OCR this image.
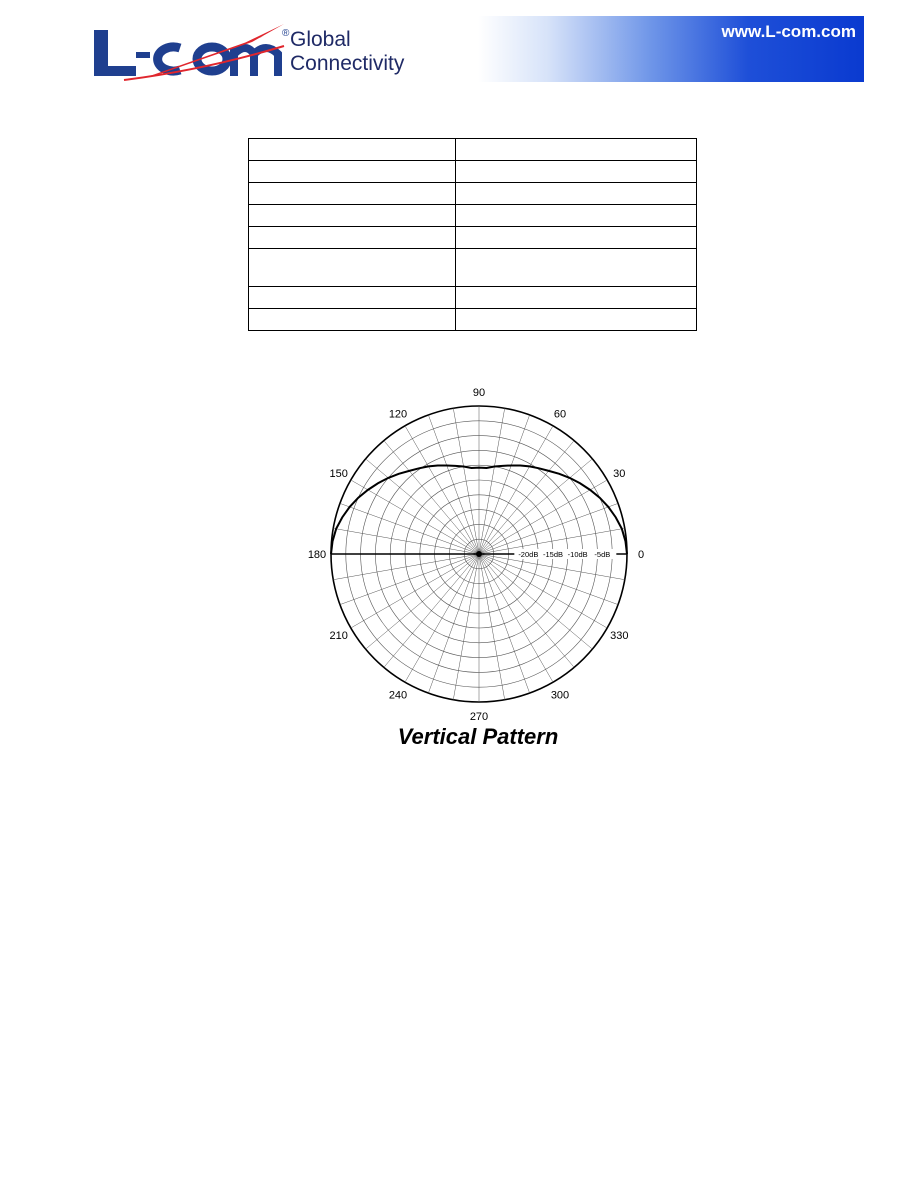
® Global
Connectivity
www.L-com.com

0
30
60
90
120
150
180
210
240
270
300
330
-20dB -15dB -10dB -5dB
Vertical Pattern
